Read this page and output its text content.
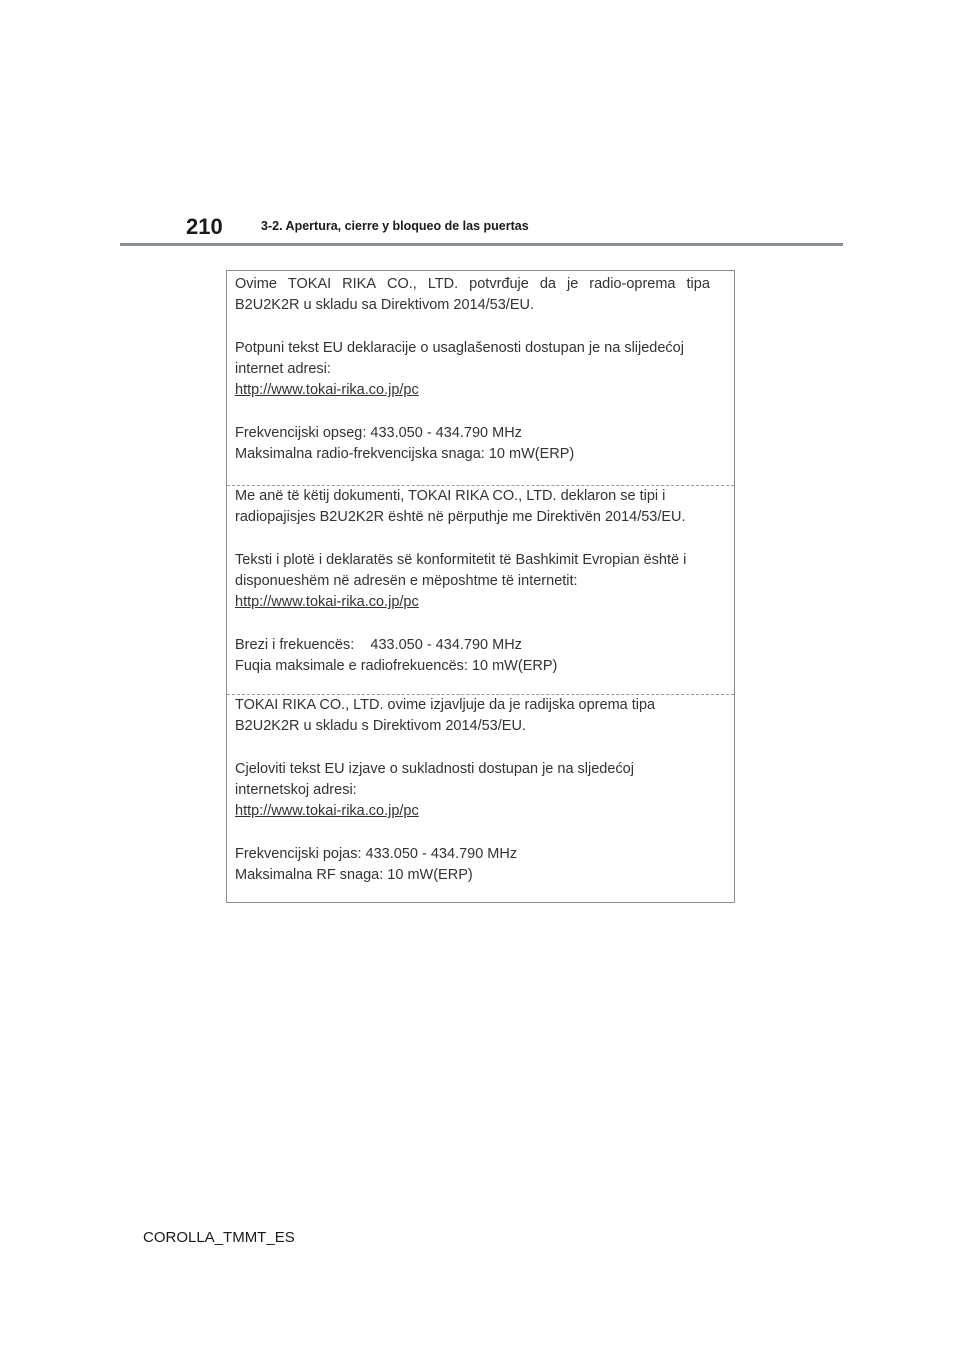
210	3-2. Apertura, cierre y bloqueo de las puertas
Ovime TOKAI RIKA CO., LTD. potvrđuje da je radio-oprema tipa
B2U2K2R u skladu sa Direktivom 2014/53/EU.
Potpuni tekst EU deklaracije o usaglašenosti dostupan je na slijedećoj
internet adresi:
http://www.tokai-rika.co.jp/pc
Frekvencijski opseg: 433.050 - 434.790 MHz
Maksimalna radio-frekvencijska snaga: 10 mW(ERP)
Me anë të këtij dokumenti, TOKAI RIKA CO., LTD. deklaron se tipi i
radiopajisjes B2U2K2R është në përputhje me Direktivën 2014/53/EU.
Teksti i plotë i deklaratës së konformitetit të Bashkimit Evropian është i
disponueshëm në adresën e mëposhtme të internetit:
http://www.tokai-rika.co.jp/pc
Brezi i frekuencës:    433.050 - 434.790 MHz
Fuqia maksimale e radiofrekuencës: 10 mW(ERP)
TOKAI RIKA CO., LTD. ovime izjavljuje da je radijska oprema tipa
B2U2K2R u skladu s Direktivom 2014/53/EU.
Cjeloviti tekst EU izjave o sukladnosti dostupan je na sljedećoj
internetskoj adresi:
http://www.tokai-rika.co.jp/pc
Frekvencijski pojas: 433.050 - 434.790 MHz
Maksimalna RF snaga: 10 mW(ERP)
COROLLA_TMMT_ES
